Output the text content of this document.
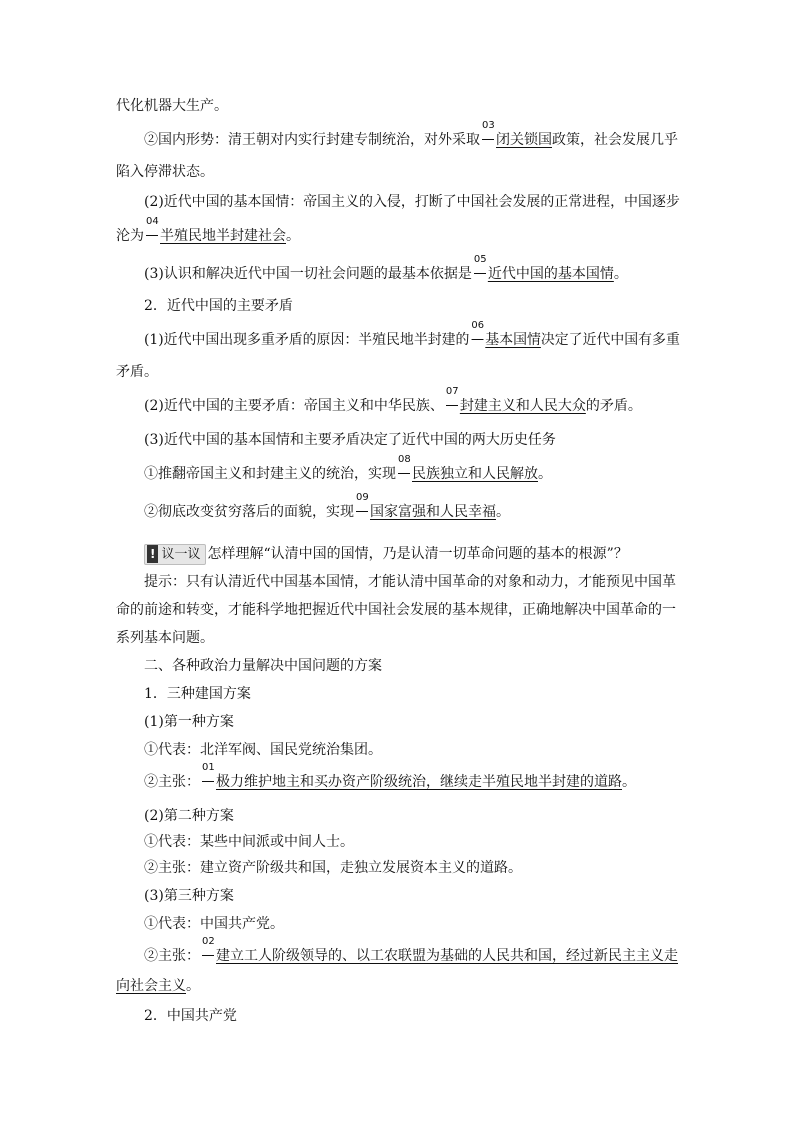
代化机器大生产。
②国内形势：清王朝对内实行封建专制统治，对外采取
03
闭关锁国政策，社会发展几乎
陷入停滞状态。
(2)近代中国的基本国情：帝国主义的入侵，打断了中国社会发展的正常进程，中国逐步
沦为
04
半殖民地半封建社会。
(3)认识和解决近代中国一切社会问题的最基本依据是
05
近代中国的基本国情。
2．近代中国的主要矛盾
(1)近代中国出现多重矛盾的原因：半殖民地半封建的
06
基本国情决定了近代中国有多重
矛盾。
(2)近代中国的主要矛盾：帝国主义和中华民族、
07
封建主义和人民大众的矛盾。
(3)近代中国的基本国情和主要矛盾决定了近代中国的两大历史任务
①推翻帝国主义和封建主义的统治，实现
08
民族独立和人民解放。
②彻底改变贫穷落后的面貌，实现
09
国家富强和人民幸福。
! 议一议 怎样理解“认清中国的国情，乃是认清一切革命问题的基本的根源”？
提示：只有认清近代中国基本国情，才能认清中国革命的对象和动力，才能预见中国革
命的前途和转变，才能科学地把握近代中国社会发展的基本规律，正确地解决中国革命的一
系列基本问题。
二、各种政治力量解决中国问题的方案
1．三种建国方案
(1)第一种方案
①代表：北洋军阀、国民党统治集团。
②主张：
01
极力维护地主和买办资产阶级统治，继续走半殖民地半封建的道路。
(2)第二种方案
①代表：某些中间派或中间人士。
②主张：建立资产阶级共和国，走独立发展资本主义的道路。
(3)第三种方案
①代表：中国共产党。
②主张：
02
建立工人阶级领导的、以工农联盟为基础的人民共和国，经过新民主主义走
向社会主义。
2．中国共产党
